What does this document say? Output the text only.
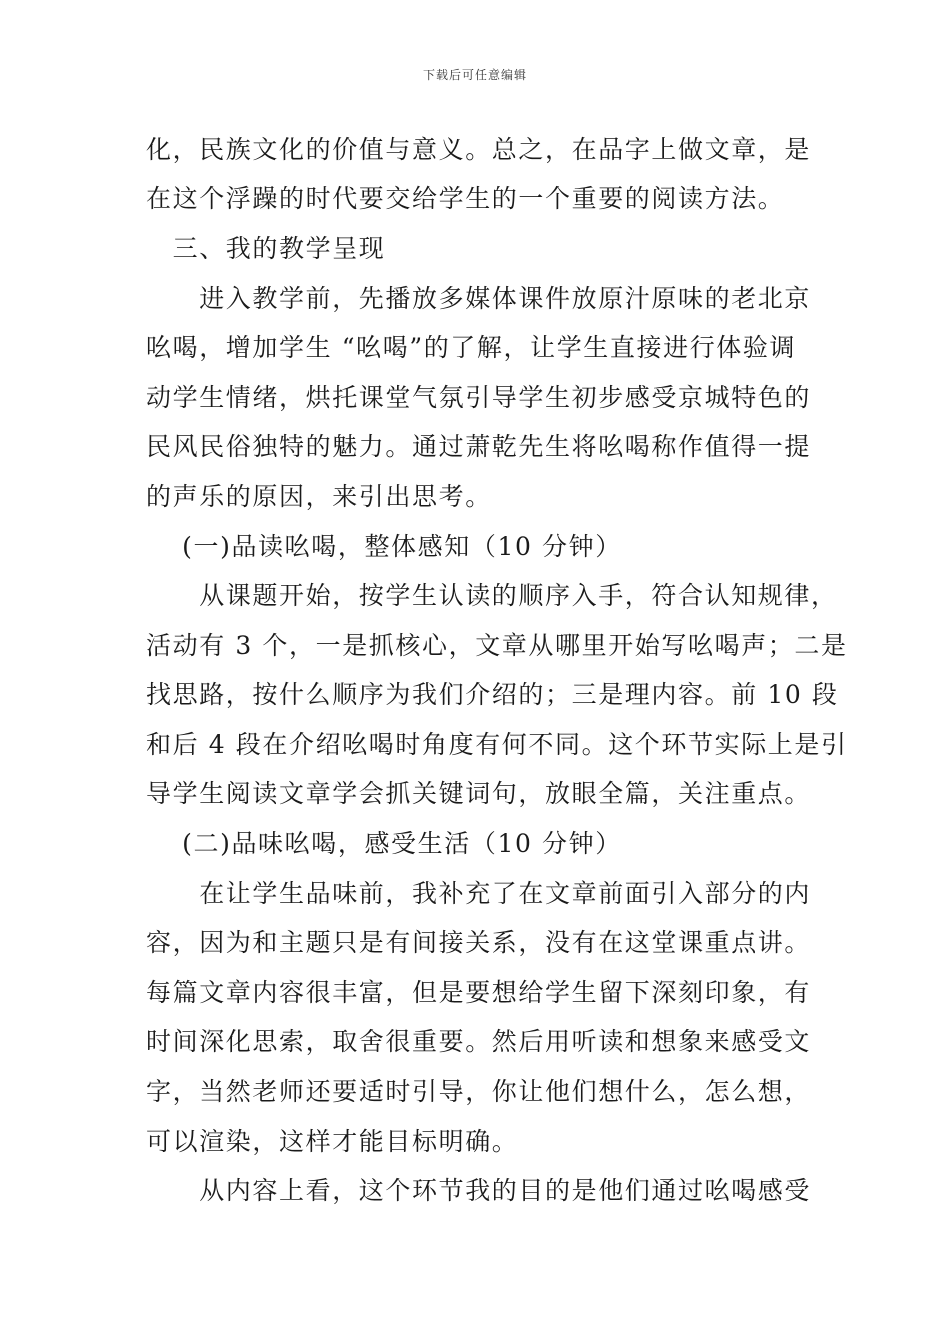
下载后可任意编辑

化，民族文化的价值与意义。总之，在品字上做文章，是

在这个浮躁的时代要交给学生的一个重要的阅读方法。

　三、我的教学呈现

　　进入教学前，先播放多媒体课件放原汁原味的老北京

吆喝，增加学生 “吆喝”的了解，让学生直接进行体验调

动学生情绪，烘托课堂气氛引导学生初步感受京城特色的

民风民俗独特的魅力。通过萧乾先生将吆喝称作值得一提

的声乐的原因，来引出思考。

　 (一)品读吆喝，整体感知（10 分钟）

　　从课题开始，按学生认读的顺序入手，符合认知规律，

活动有 3 个，一是抓核心，文章从哪里开始写吆喝声；二是

找思路，按什么顺序为我们介绍的；三是理内容。前 10 段

和后 4 段在介绍吆喝时角度有何不同。这个环节实际上是引

导学生阅读文章学会抓关键词句，放眼全篇，关注重点。

　 (二)品味吆喝，感受生活（10 分钟）

　　在让学生品味前，我补充了在文章前面引入部分的内

容，因为和主题只是有间接关系，没有在这堂课重点讲。

每篇文章内容很丰富，但是要想给学生留下深刻印象，有

时间深化思索，取舍很重要。然后用听读和想象来感受文

字，当然老师还要适时引导，你让他们想什么，怎么想，

可以渲染，这样才能目标明确。

　　从内容上看，这个环节我的目的是他们通过吆喝感受
